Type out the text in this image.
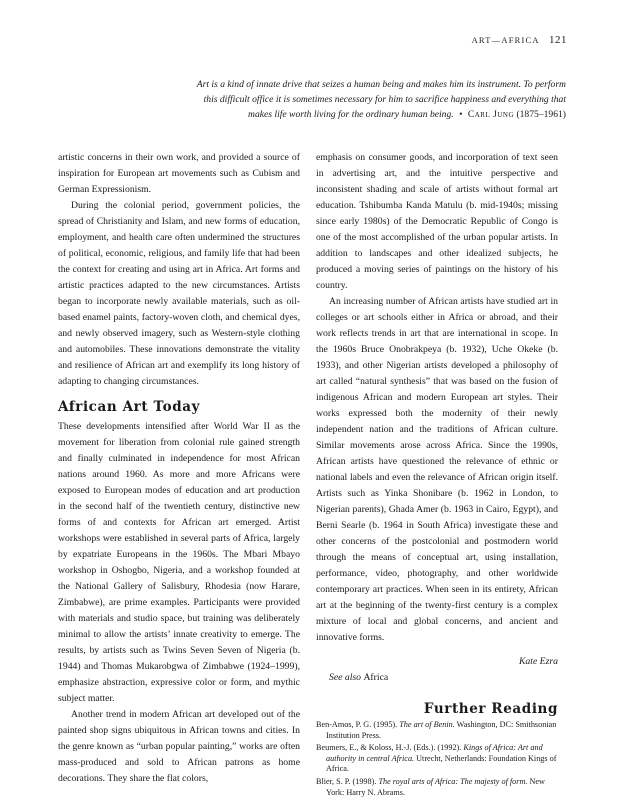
ART—AFRICA 121
Art is a kind of innate drive that seizes a human being and makes him its instrument. To perform
this difficult office it is sometimes necessary for him to sacrifice happiness and everything that
makes life worth living for the ordinary human being. • Carl Jung (1875–1961)

artistic concerns in their own work, and provided a source of inspiration for European art movements such as Cubism and German Expressionism.

During the colonial period, government policies, the spread of Christianity and Islam, and new forms of education, employment, and health care often undermined the structures of political, economic, religious, and family life that had been the context for creating and using art in Africa. Art forms and artistic practices adapted to the new circumstances. Artists began to incorporate newly available materials, such as oil-based enamel paints, factory-woven cloth, and chemical dyes, and newly observed imagery, such as Western-style clothing and automobiles. These innovations demonstrate the vitality and resilience of African art and exemplify its long history of adapting to changing circumstances.

African Art Today

These developments intensified after World War II as the movement for liberation from colonial rule gained strength and finally culminated in independence for most African nations around 1960. As more and more Africans were exposed to European modes of education and art production in the second half of the twentieth century, distinctive new forms of and contexts for African art emerged. Artist workshops were established in several parts of Africa, largely by expatriate Europeans in the 1960s. The Mbari Mbayo workshop in Oshogbo, Nigeria, and a workshop founded at the National Gallery of Salisbury, Rhodesia (now Harare, Zimbabwe), are prime examples. Participants were provided with materials and studio space, but training was deliberately minimal to allow the artists’ innate creativity to emerge. The results, by artists such as Twins Seven Seven of Nigeria (b. 1944) and Thomas Mukarobgwa of Zimbabwe (1924–1999), emphasize abstraction, expressive color or form, and mythic subject matter.

Another trend in modern African art developed out of the painted shop signs ubiquitous in African towns and cities. In the genre known as “urban popular painting,” works are often mass-produced and sold to African patrons as home decorations. They share the flat colors,

emphasis on consumer goods, and incorporation of text seen in advertising art, and the intuitive perspective and inconsistent shading and scale of artists without formal art education. Tshibumba Kanda Matulu (b. mid-1940s; missing since early 1980s) of the Democratic Republic of Congo is one of the most accomplished of the urban popular artists. In addition to landscapes and other idealized subjects, he produced a moving series of paintings on the history of his country.

An increasing number of African artists have studied art in colleges or art schools either in Africa or abroad, and their work reflects trends in art that are international in scope. In the 1960s Bruce Onobrakpeya (b. 1932), Uche Okeke (b. 1933), and other Nigerian artists developed a philosophy of art called “natural synthesis” that was based on the fusion of indigenous African and modern European art styles. Their works expressed both the modernity of their newly independent nation and the traditions of African culture. Similar movements arose across Africa. Since the 1990s, African artists have questioned the relevance of ethnic or national labels and even the relevance of African origin itself. Artists such as Yinka Shonibare (b. 1962 in London, to Nigerian parents), Ghada Amer (b. 1963 in Cairo, Egypt), and Berni Searle (b. 1964 in South Africa) investigate these and other concerns of the postcolonial and postmodern world through the means of conceptual art, using installation, performance, video, photography, and other worldwide contemporary art practices. When seen in its entirety, African art at the beginning of the twenty-first century is a complex mixture of local and global concerns, and ancient and innovative forms.

Kate Ezra

See also Africa

Further Reading
Ben-Amos, P. G. (1995). The art of Benin. Washington, DC: Smithsonian Institution Press.
Beumers, E., & Koloss, H.-J. (Eds.). (1992). Kings of Africa: Art and authority in central Africa. Utrecht, Netherlands: Foundation Kings of Africa.
Blier, S. P. (1998). The royal arts of Africa: The majesty of form. New York: Harry N. Abrams.
